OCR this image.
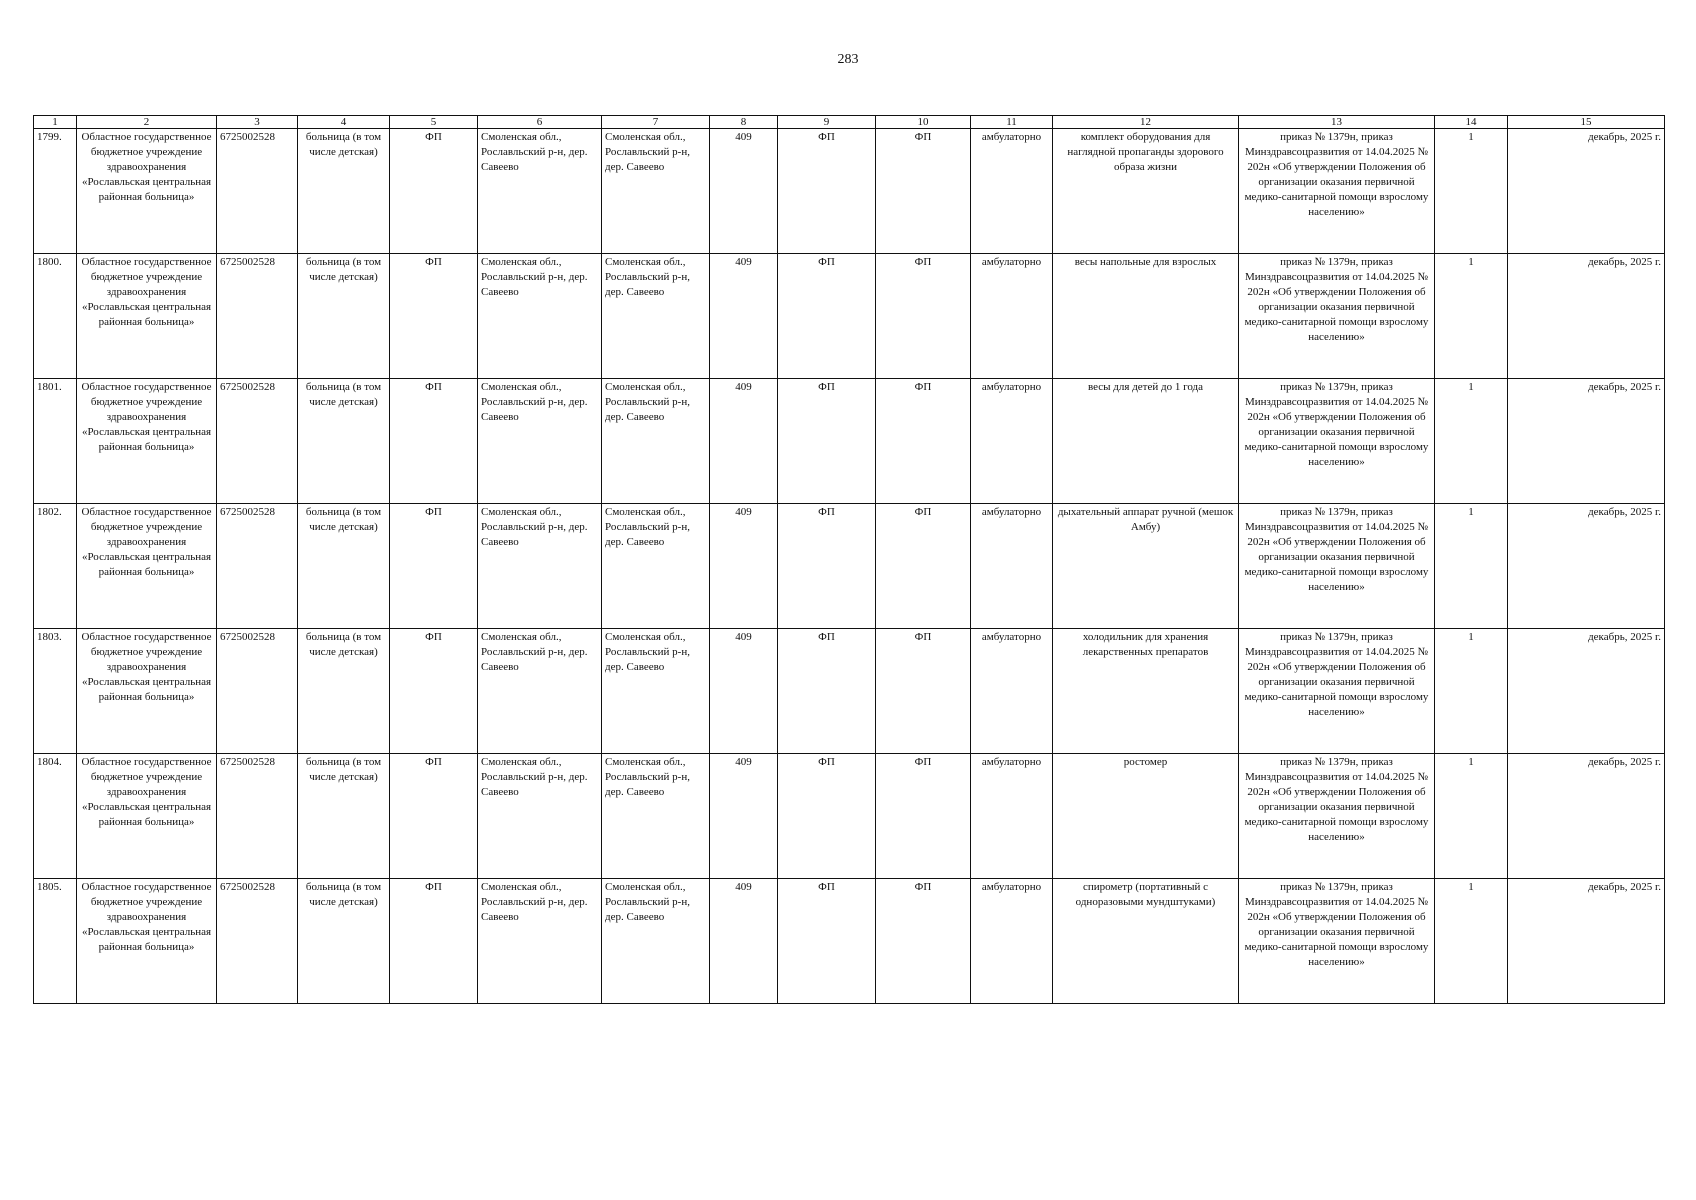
283
1	2	3	4	5	6	7	8	9	10	11	12	13	14	15
1799.	Областное государственное бюджетное учреждение здравоохранения «Рославльская центральная районная больница»	6725002528	больница (в том числе детская)	ФП	Смоленская обл., Рославльский р-н, дер. Савеево	Смоленская обл., Рославльский р-н, дер. Савеево	409	ФП	ФП	амбулаторно	комплект оборудования для наглядной пропаганды здорового образа жизни	приказ № 1379н, приказ Минздравсоцразвития от 14.04.2025 № 202н «Об утверждении Положения об организации оказания первичной медико-санитарной помощи взрослому населению»	1	декабрь, 2025 г.
1800.	Областное государственное бюджетное учреждение здравоохранения «Рославльская центральная районная больница»	6725002528	больница (в том числе детская)	ФП	Смоленская обл., Рославльский р-н, дер. Савеево	Смоленская обл., Рославльский р-н, дер. Савеево	409	ФП	ФП	амбулаторно	весы напольные для взрослых	приказ № 1379н, приказ Минздравсоцразвития от 14.04.2025 № 202н «Об утверждении Положения об организации оказания первичной медико-санитарной помощи взрослому населению»	1	декабрь, 2025 г.
1801.	Областное государственное бюджетное учреждение здравоохранения «Рославльская центральная районная больница»	6725002528	больница (в том числе детская)	ФП	Смоленская обл., Рославльский р-н, дер. Савеево	Смоленская обл., Рославльский р-н, дер. Савеево	409	ФП	ФП	амбулаторно	весы для детей до 1 года	приказ № 1379н, приказ Минздравсоцразвития от 14.04.2025 № 202н «Об утверждении Положения об организации оказания первичной медико-санитарной помощи взрослому населению»	1	декабрь, 2025 г.
1802.	Областное государственное бюджетное учреждение здравоохранения «Рославльская центральная районная больница»	6725002528	больница (в том числе детская)	ФП	Смоленская обл., Рославльский р-н, дер. Савеево	Смоленская обл., Рославльский р-н, дер. Савеево	409	ФП	ФП	амбулаторно	дыхательный аппарат ручной (мешок Амбу)	приказ № 1379н, приказ Минздравсоцразвития от 14.04.2025 № 202н «Об утверждении Положения об организации оказания первичной медико-санитарной помощи взрослому населению»	1	декабрь, 2025 г.
1803.	Областное государственное бюджетное учреждение здравоохранения «Рославльская центральная районная больница»	6725002528	больница (в том числе детская)	ФП	Смоленская обл., Рославльский р-н, дер. Савеево	Смоленская обл., Рославльский р-н, дер. Савеево	409	ФП	ФП	амбулаторно	холодильник для хранения лекарственных препаратов	приказ № 1379н, приказ Минздравсоцразвития от 14.04.2025 № 202н «Об утверждении Положения об организации оказания первичной медико-санитарной помощи взрослому населению»	1	декабрь, 2025 г.
1804.	Областное государственное бюджетное учреждение здравоохранения «Рославльская центральная районная больница»	6725002528	больница (в том числе детская)	ФП	Смоленская обл., Рославльский р-н, дер. Савеево	Смоленская обл., Рославльский р-н, дер. Савеево	409	ФП	ФП	амбулаторно	ростомер	приказ № 1379н, приказ Минздравсоцразвития от 14.04.2025 № 202н «Об утверждении Положения об организации оказания первичной медико-санитарной помощи взрослому населению»	1	декабрь, 2025 г.
1805.	Областное государственное бюджетное учреждение здравоохранения «Рославльская центральная районная больница»	6725002528	больница (в том числе детская)	ФП	Смоленская обл., Рославльский р-н, дер. Савеево	Смоленская обл., Рославльский р-н, дер. Савеево	409	ФП	ФП	амбулаторно	спирометр (портативный с одноразовыми мундштуками)	приказ № 1379н, приказ Минздравсоцразвития от 14.04.2025 № 202н «Об утверждении Положения об организации оказания первичной медико-санитарной помощи взрослому населению»	1	декабрь, 2025 г.
